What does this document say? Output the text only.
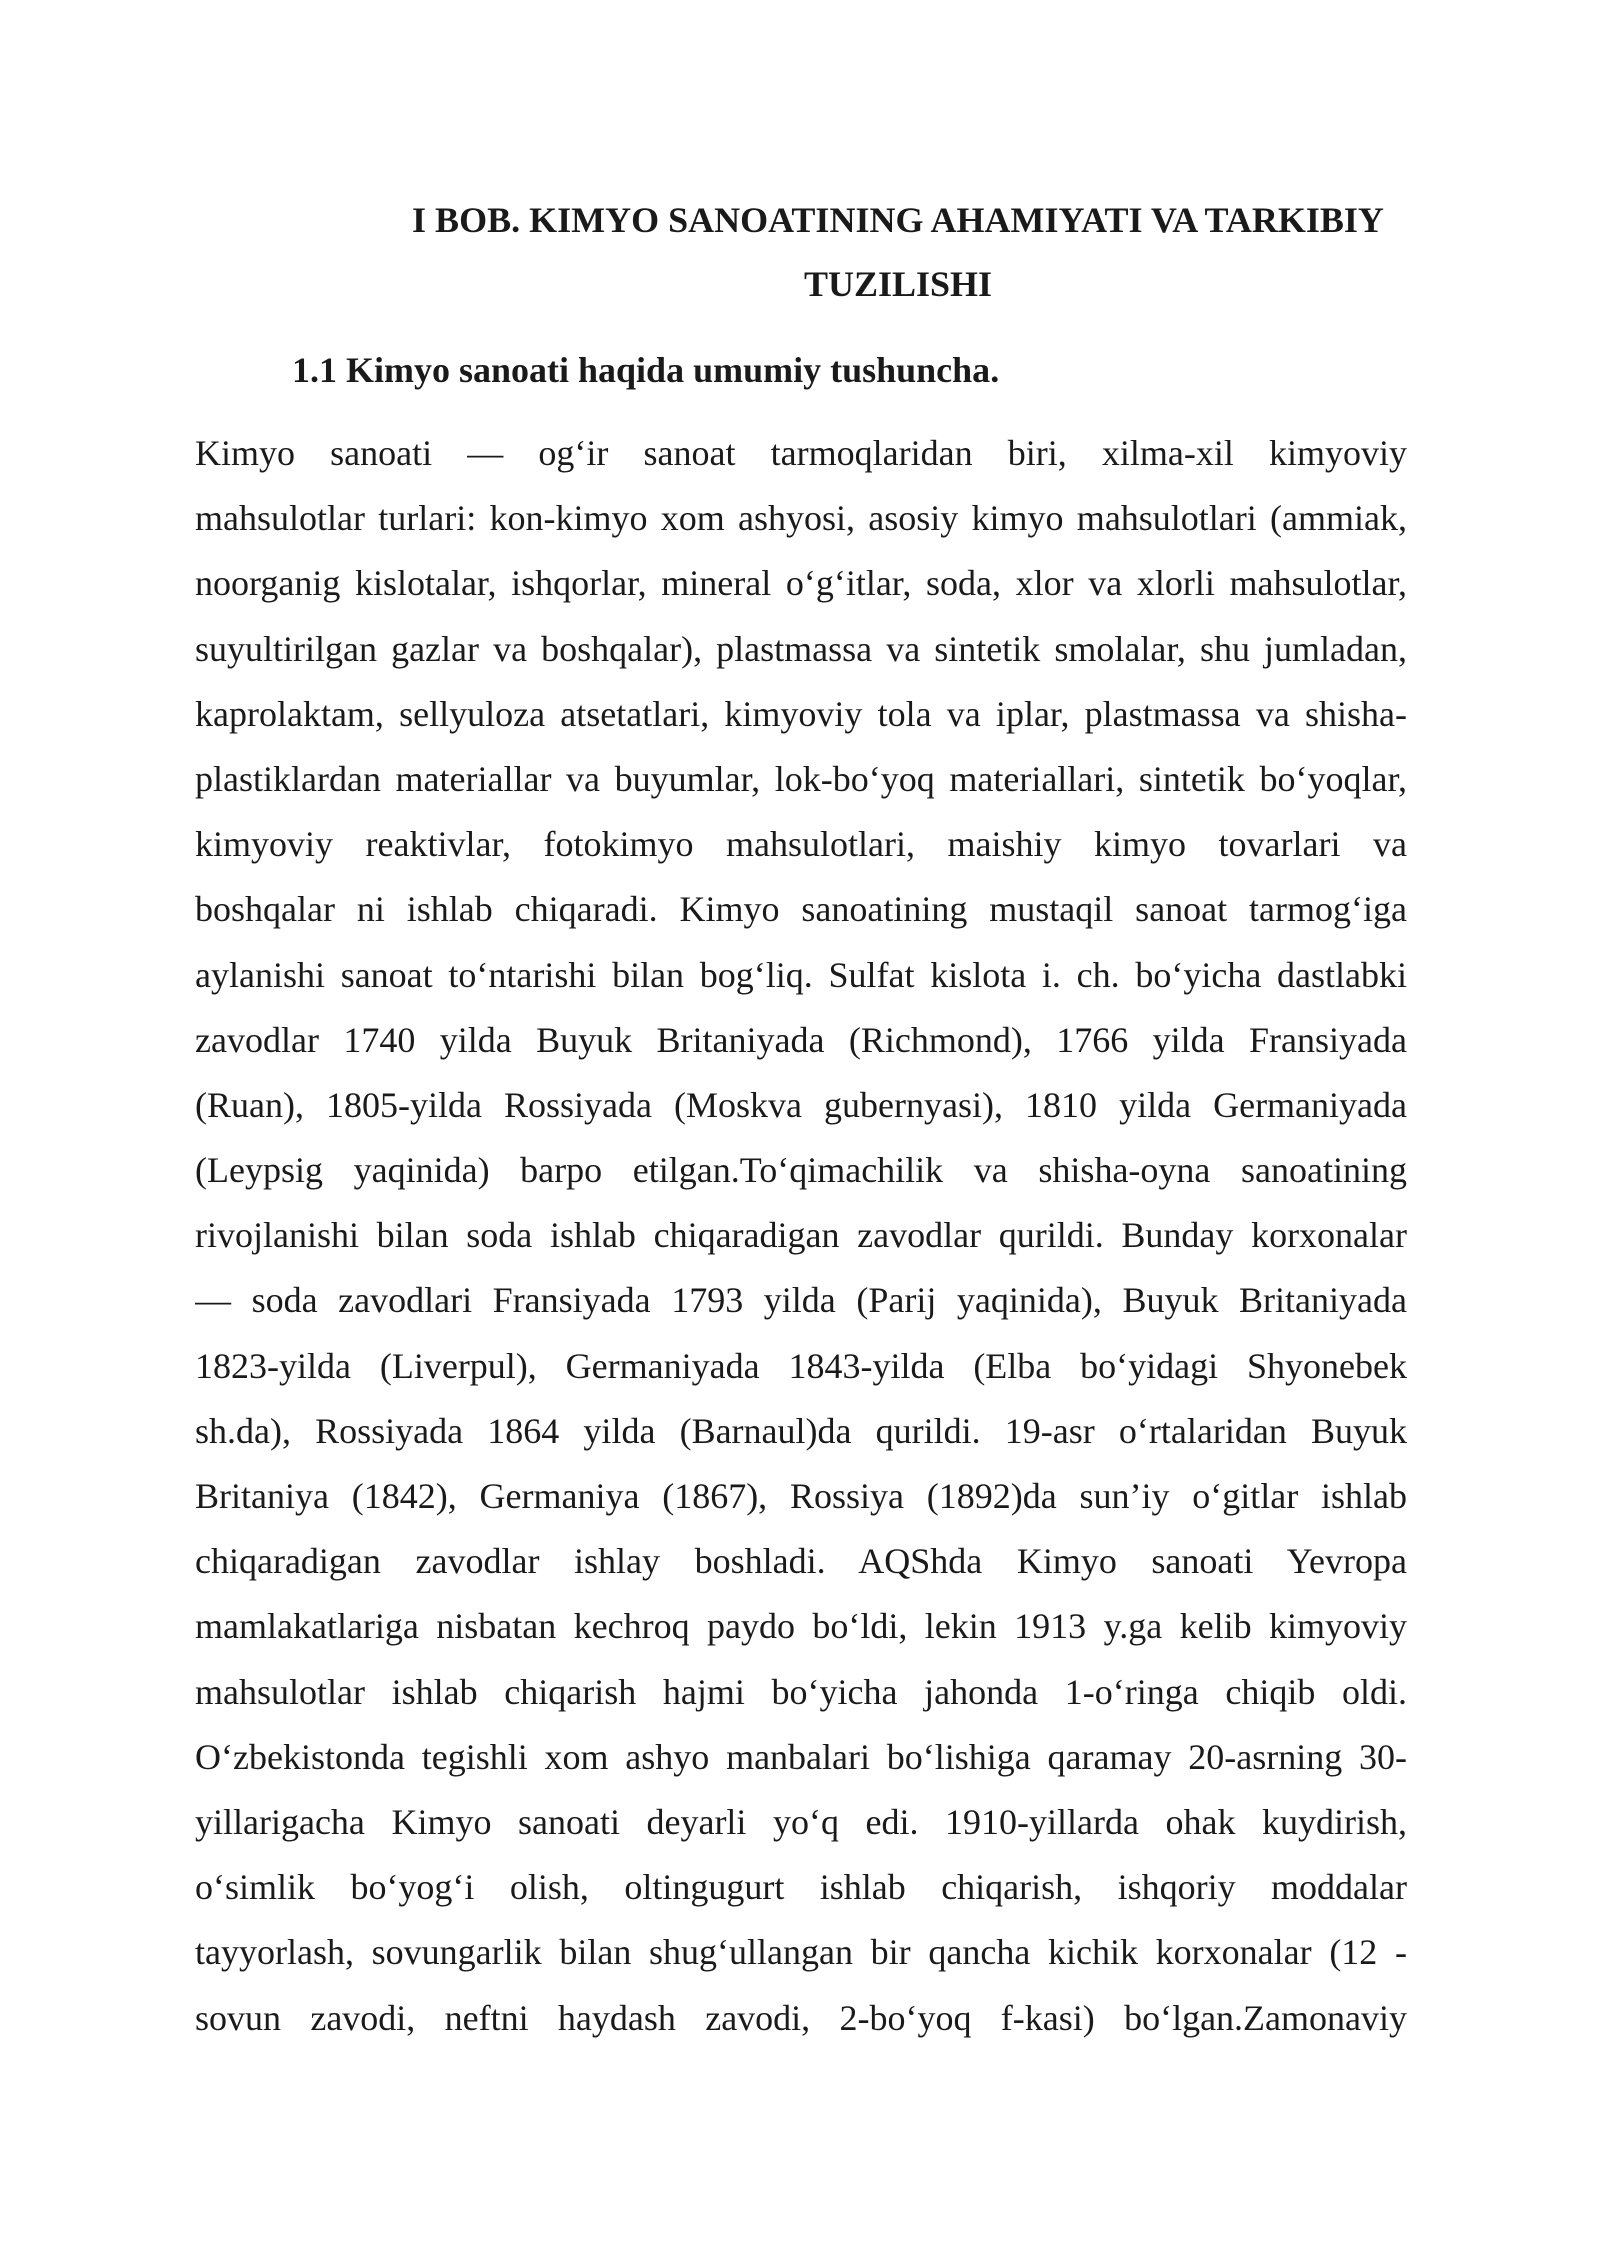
I BOB. KIMYO SANOATINING AHAMIYATI VA TARKIBIY
TUZILISHI
1.1 Kimyo sanoati haqida umumiy tushuncha.

Kimyo sanoati — og‘ir sanoat tarmoqlaridan biri, xilma-xil kimyoviy
mahsulotlar turlari: kon-kimyo xom ashyosi, asosiy kimyo mahsulotlari (ammiak,
noorganig kislotalar, ishqorlar, mineral o‘g‘itlar, soda, xlor va xlorli mahsulotlar,
suyultirilgan gazlar va boshqalar), plastmassa va sintetik smolalar, shu jumladan,
kaprolaktam, sellyuloza atsetatlari, kimyoviy tola va iplar, plastmassa va shisha-
plastiklardan materiallar va buyumlar, lok-bo‘yoq materiallari, sintetik bo‘yoqlar,
kimyoviy reaktivlar, fotokimyo mahsulotlari, maishiy kimyo tovarlari va
boshqalar ni ishlab chiqaradi. Kimyo sanoatining mustaqil sanoat tarmog‘iga
aylanishi sanoat to‘ntarishi bilan bog‘liq. Sulfat kislota i. ch. bo‘yicha dastlabki
zavodlar 1740 yilda Buyuk Britaniyada (Richmond), 1766 yilda Fransiyada
(Ruan), 1805-yilda Rossiyada (Moskva gubernyasi), 1810 yilda Germaniyada
(Leypsig yaqinida) barpo etilgan.To‘qimachilik va shisha-oyna sanoatining
rivojlanishi bilan soda ishlab chiqaradigan zavodlar qurildi. Bunday korxonalar
— soda zavodlari Fransiyada 1793 yilda (Parij yaqinida), Buyuk Britaniyada
1823-yilda (Liverpul), Germaniyada 1843-yilda (Elba bo‘yidagi Shyonebek
sh.da), Rossiyada 1864 yilda (Barnaul)da qurildi. 19-asr o‘rtalaridan Buyuk
Britaniya (1842), Germaniya (1867), Rossiya (1892)da sun’iy o‘gitlar ishlab
chiqaradigan zavodlar ishlay boshladi. AQShda Kimyo sanoati Yevropa
mamlakatlariga nisbatan kechroq paydo bo‘ldi, lekin 1913 y.ga kelib kimyoviy
mahsulotlar ishlab chiqarish hajmi bo‘yicha jahonda 1-o‘ringa chiqib oldi.
O‘zbekistonda tegishli xom ashyo manbalari bo‘lishiga qaramay 20-asrning 30-
yillarigacha Kimyo sanoati deyarli yo‘q edi. 1910-yillarda ohak kuydirish,
o‘simlik bo‘yog‘i olish, oltingugurt ishlab chiqarish, ishqoriy moddalar
tayyorlash, sovungarlik bilan shug‘ullangan bir qancha kichik korxonalar (12 -
sovun zavodi, neftni haydash zavodi, 2-bo‘yoq f-kasi) bo‘lgan.Zamonaviy
